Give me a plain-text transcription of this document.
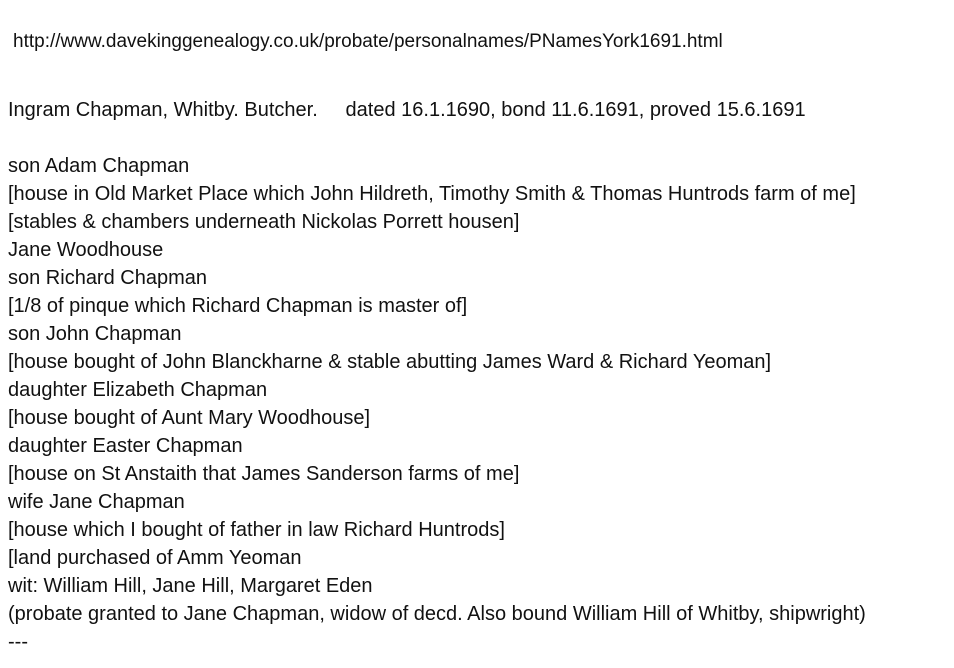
http://www.davekinggenealogy.co.uk/probate/personalnames/PNamesYork1691.html
Ingram Chapman, Whitby. Butcher.     dated 16.1.1690, bond 11.6.1691, proved 15.6.1691
son Adam Chapman
[house in Old Market Place which John Hildreth, Timothy Smith & Thomas Huntrods farm of me]
[stables & chambers underneath Nickolas Porrett housen]
Jane Woodhouse
son Richard Chapman
[1/8 of pinque which Richard Chapman is master of]
son John Chapman
[house bought of John Blanckharne & stable abutting James Ward & Richard Yeoman]
daughter Elizabeth Chapman
[house bought of Aunt Mary Woodhouse]
daughter Easter Chapman
[house on St Anstaith that James Sanderson farms of me]
wife Jane Chapman
[house which I bought of father in law Richard Huntrods]
[land purchased of Amm Yeoman
wit: William Hill, Jane Hill, Margaret Eden
(probate granted to Jane Chapman, widow of decd. Also bound William Hill of Whitby, shipwright)
---
